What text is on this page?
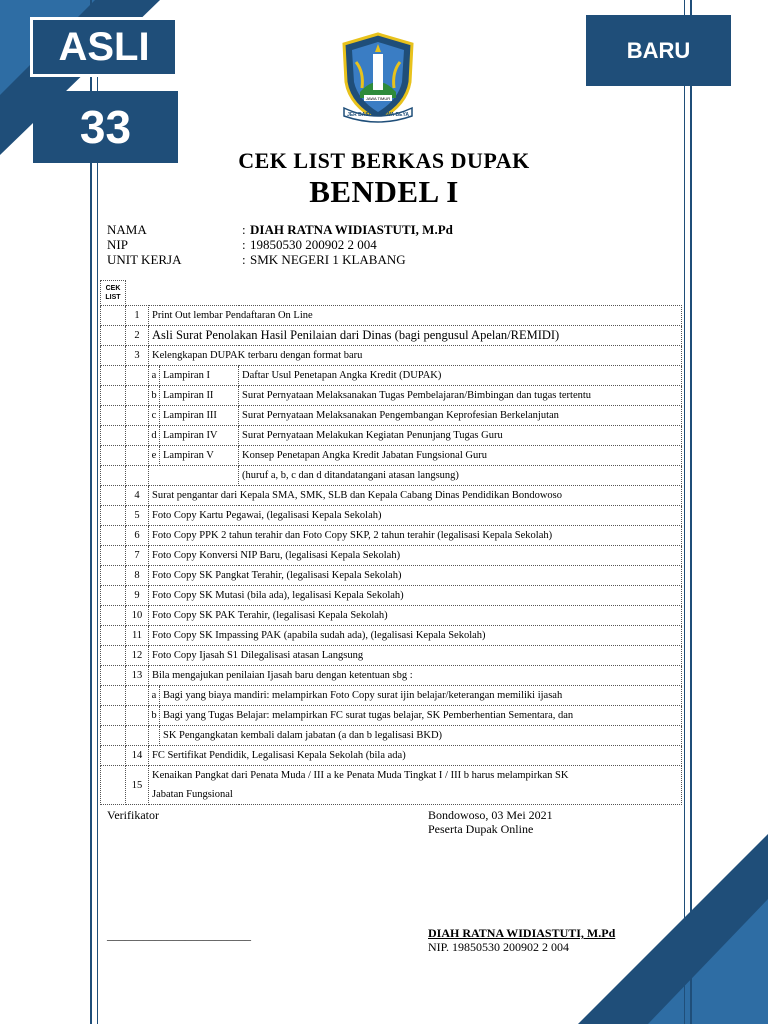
ASLI
33
BARU
JAWA TIMUR
JER BASUKI MAWA BEYA
CEK LIST BERKAS DUPAK
BENDEL I
NAMA	: DIAH RATNA WIDIASTUTI, M.Pd
NIP	: 19850530 200902 2 004
UNIT KERJA	: SMK NEGERI 1 KLABANG
CEK
LIST				

	1	Print Out lembar Pendaftaran On Line		
	2	Asli Surat Penolakan Hasil Penilaian dari Dinas (bagi pengusul Apelan/REMIDI)		
	3	Kelengkapan DUPAK terbaru dengan format baru		
		a	Lampiran I	Daftar Usul Penetapan Angka Kredit (DUPAK)
		b	Lampiran II	Surat Pernyataan Melaksanakan Tugas Pembelajaran/Bimbingan dan tugas tertentu
		c	Lampiran III	Surat Pernyataan Melaksanakan Pengembangan Keprofesian Berkelanjutan
		d	Lampiran IV	Surat Pernyataan Melakukan Kegiatan Penunjang Tugas Guru
		e	Lampiran V	Konsep Penetapan Angka Kredit Jabatan Fungsional Guru
				(huruf a, b, c dan d ditandatangani atasan langsung)
	4	Surat pengantar dari Kepala SMA, SMK, SLB dan Kepala Cabang Dinas Pendidikan Bondowoso		
	5	Foto Copy Kartu Pegawai, (legalisasi Kepala Sekolah)		
	6	Foto Copy PPK 2 tahun terahir dan Foto Copy SKP, 2 tahun terahir (legalisasi Kepala Sekolah)		
	7	Foto Copy Konversi NIP Baru, (legalisasi Kepala Sekolah)		
	8	Foto Copy SK Pangkat Terahir, (legalisasi Kepala Sekolah)		
	9	Foto Copy SK Mutasi (bila ada), legalisasi Kepala Sekolah)		
	10	Foto Copy SK PAK Terahir, (legalisasi Kepala Sekolah)		
	11	Foto Copy SK Impassing PAK (apabila sudah ada), (legalisasi Kepala Sekolah)		
	12	Foto Copy Ijasah S1 Dilegalisasi atasan Langsung		
	13	Bila mengajukan penilaian Ijasah baru dengan ketentuan sbg :		
		a	Bagi yang biaya mandiri: melampirkan Foto Copy surat ijin belajar/keterangan memiliki ijasah	
		b	Bagi yang Tugas Belajar: melampirkan FC surat tugas belajar, SK Pemberhentian Sementara, dan	
			SK Pengangkatan kembali dalam jabatan (a dan b legalisasi BKD)	
	14	FC Sertifikat Pendidik, Legalisasi Kepala Sekolah (bila ada)		
	15	Kenaikan Pangkat dari Penata Muda / III a ke Penata Muda Tingkat I / III b harus melampirkan SK
Jabatan Fungsional		
Verifikator	Bondowoso, 03 Mei 2021
Peserta Dupak Online
________________________	DIAH RATNA WIDIASTUTI, M.Pd
NIP. 19850530 200902 2 004
